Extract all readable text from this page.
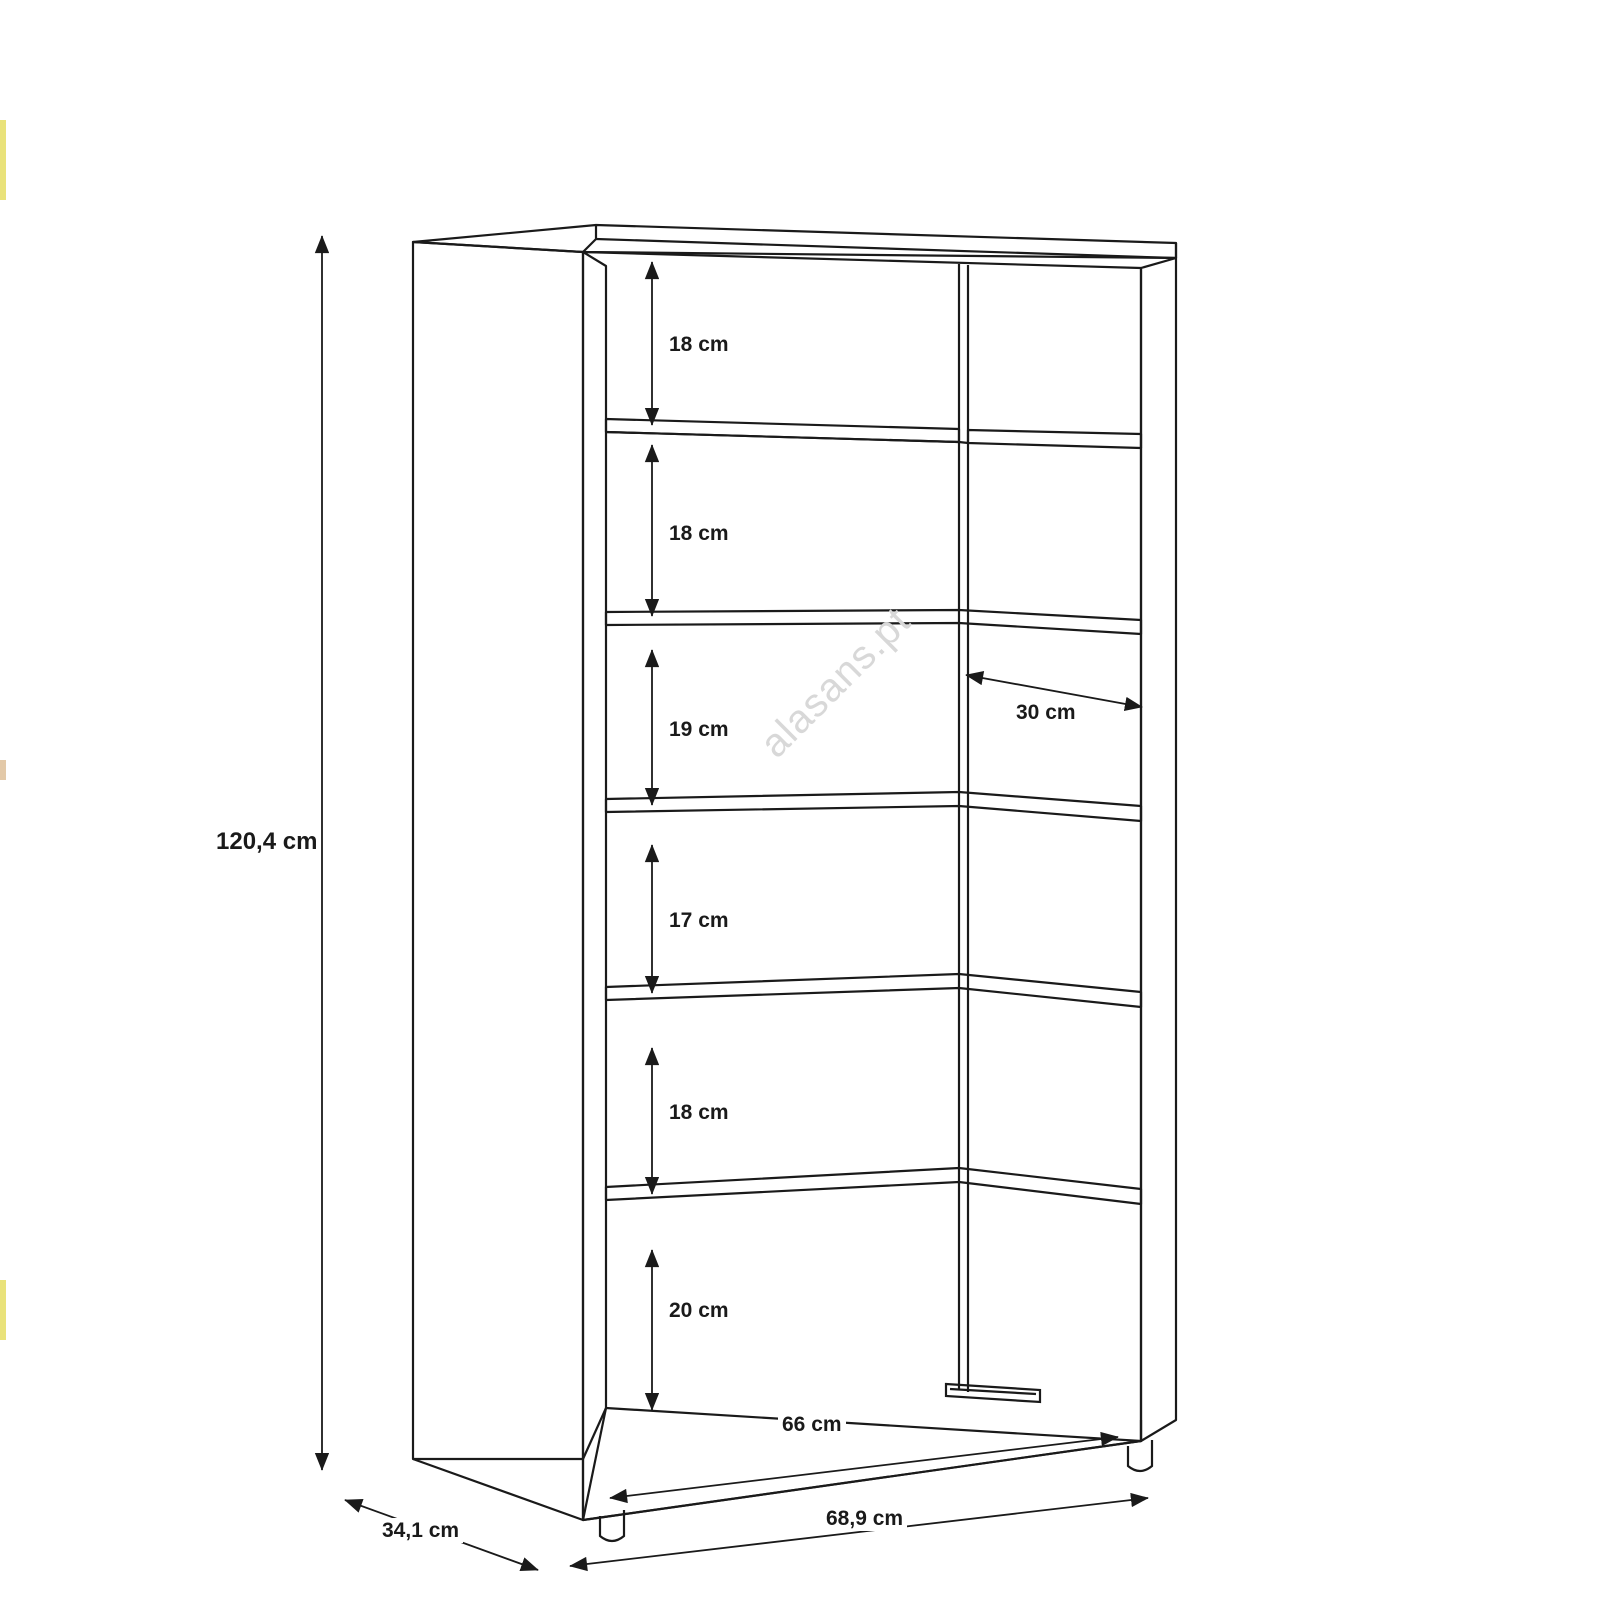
120,4 cm
34,1 cm
68,9 cm
66 cm
30 cm
18 cm
18 cm
19 cm
17 cm
18 cm
20 cm
alasans.pt
